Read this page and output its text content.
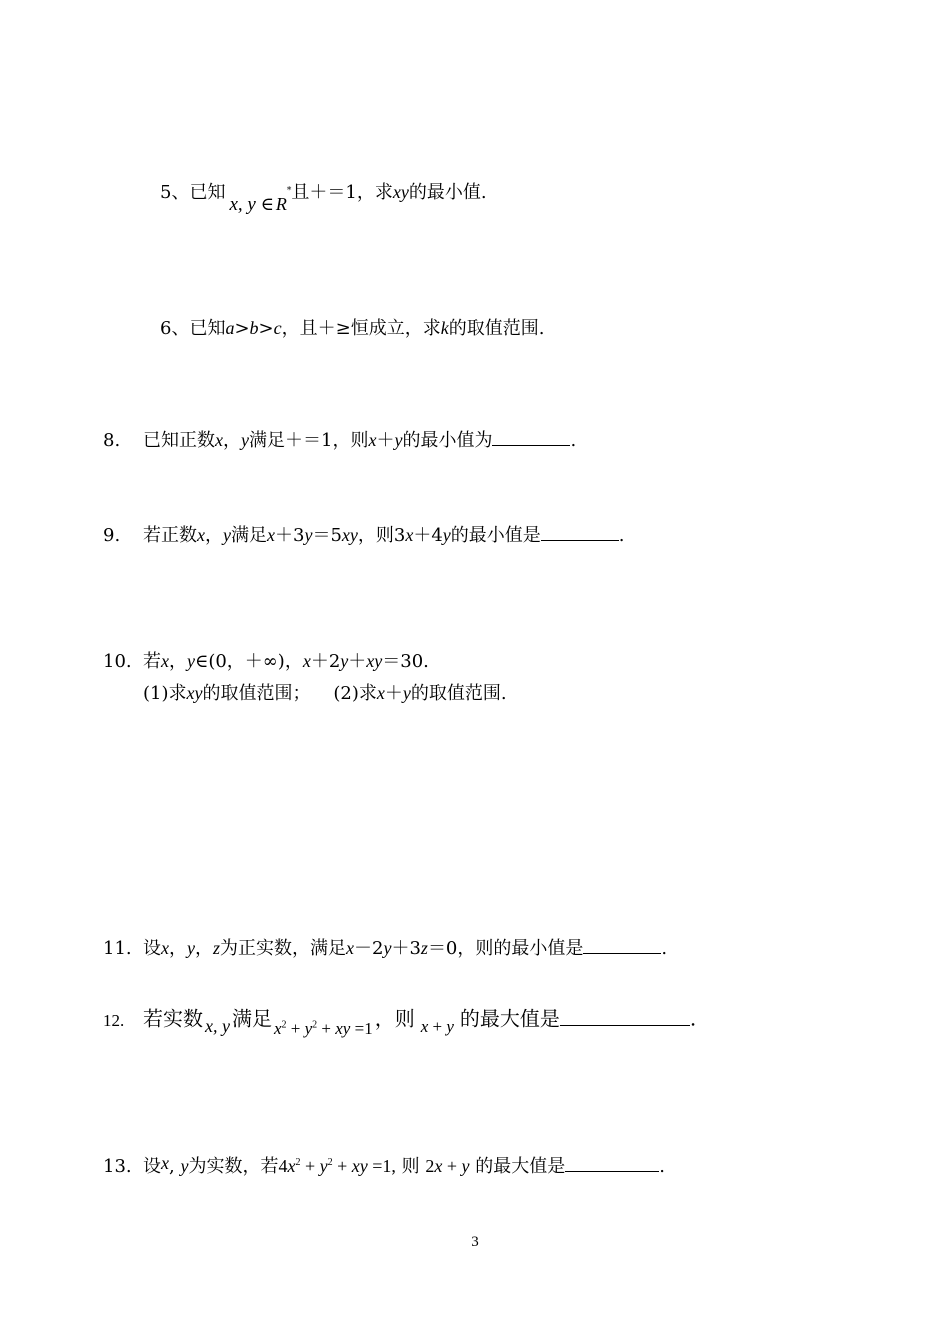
5、已知x, y ∈ R*且＋＝1，求xy的最小值.
6、已知a>b>c，且＋≥恒成立，求k的取值范围.
8. 已知正数x，y满足＋＝1，则x＋y的最小值为	.
9. 若正数x，y满足x＋3y＝5xy，则3x＋4y的最小值是	.
10. 若x，y∈(0，＋∞)，x＋2y＋xy＝30.
(1)求xy的取值范围；    (2)求x＋y的取值范围.
11. 设x，y，z为正实数，满足x－2y＋3z＝0，则的最小值是	.
12. 若实数 x, y 满足 $_{x^2 + y^2 + xy =1}$ ，则 $_{x + y}$ 的最大值是	.
13. 设x, y为实数，若$4x^2 + y^2$ + xy =1, 则 2x + y 的最大值是	.
3
